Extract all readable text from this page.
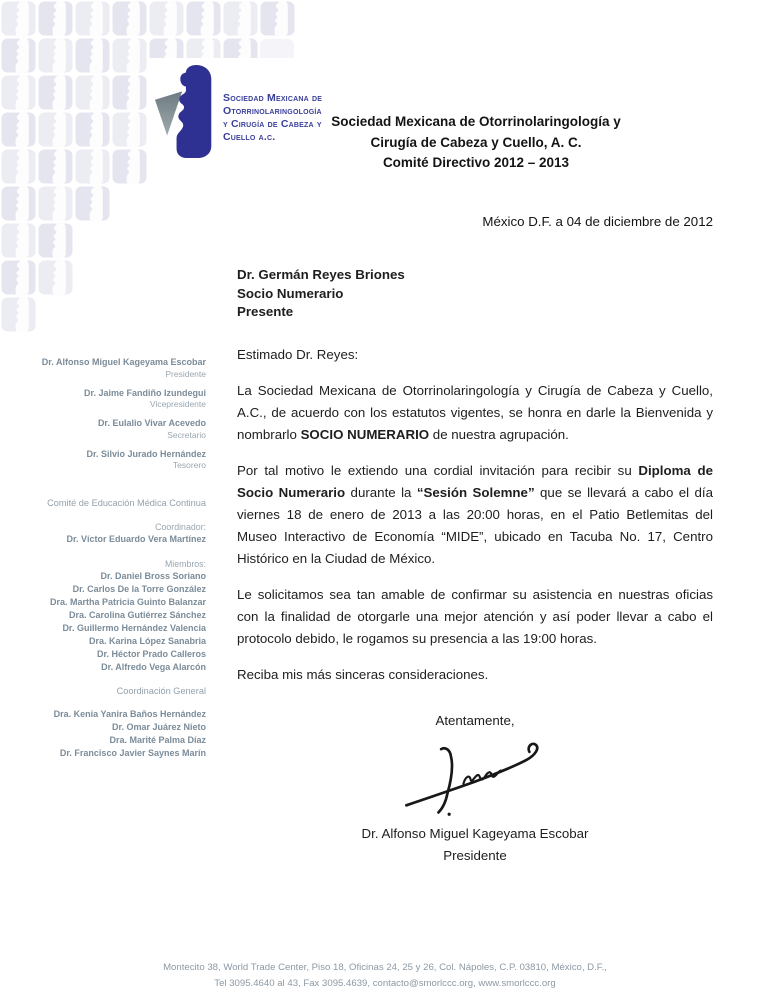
Sociedad Mexicana de
Otorrinolaringología
y Cirugía de Cabeza y
Cuello a.c.
Sociedad Mexicana de Otorrinolaringología y
Cirugía de Cabeza y Cuello, A. C.
Comité Directivo 2012 – 2013
México D.F. a 04 de diciembre de 2012
Dr. Alfonso Miguel Kageyama Escobar
Presidente
Dr. Jaime Fandiño Izundegui
Vicepresidente
Dr. Eulalio Vivar Acevedo
Secretario
Dr. Silvio Jurado Hernández
Tesorero
Comité de Educación Médica Continua
Coordinador:
Dr. Víctor Eduardo Vera Martínez
Miembros:
Dr. Daniel Bross Soriano
Dr. Carlos De la Torre González
Dra. Martha Patricia Guinto Balanzar
Dra. Carolina Gutiérrez Sánchez
Dr. Guillermo Hernández Valencia
Dra. Karina López Sanabria
Dr. Héctor Prado Calleros
Dr. Alfredo Vega Alarcón
Coordinación General
Dra. Kenia Yanira Baños Hernández
Dr. Omar Juárez Nieto
Dra. Marité Palma Díaz
Dr. Francisco Javier Saynes Marín
Dr. Germán Reyes Briones
Socio Numerario
Presente
Estimado Dr. Reyes:

La Sociedad Mexicana de Otorrinolaringología y Cirugía de Cabeza y Cuello, A.C., de acuerdo con los estatutos vigentes, se honra en darle la Bienvenida y nombrarlo SOCIO NUMERARIO de nuestra agrupación.

Por tal motivo le extiendo una cordial invitación para recibir su Diploma de Socio Numerario durante la “Sesión Solemne” que se llevará a cabo el día viernes 18 de enero de 2013 a las 20:00 horas, en el Patio Betlemitas del Museo Interactivo de Economía “MIDE”, ubicado en Tacuba No. 17, Centro Histórico en la Ciudad de México.

Le solicitamos sea tan amable de confirmar su asistencia en nuestras oficias con la finalidad de otorgarle una mejor atención y así poder llevar a cabo el protocolo debido, le rogamos su presencia a las 19:00 horas.

Reciba mis más sinceras consideraciones.

Atentamente,
Dr. Alfonso Miguel Kageyama Escobar
Presidente
Montecito 38, World Trade Center, Piso 18, Oficinas 24, 25 y 26, Col. Nápoles, C.P. 03810, México, D.F.,
Tel 3095.4640 al 43, Fax 3095.4639, contacto@smorlccc.org, www.smorlccc.org
